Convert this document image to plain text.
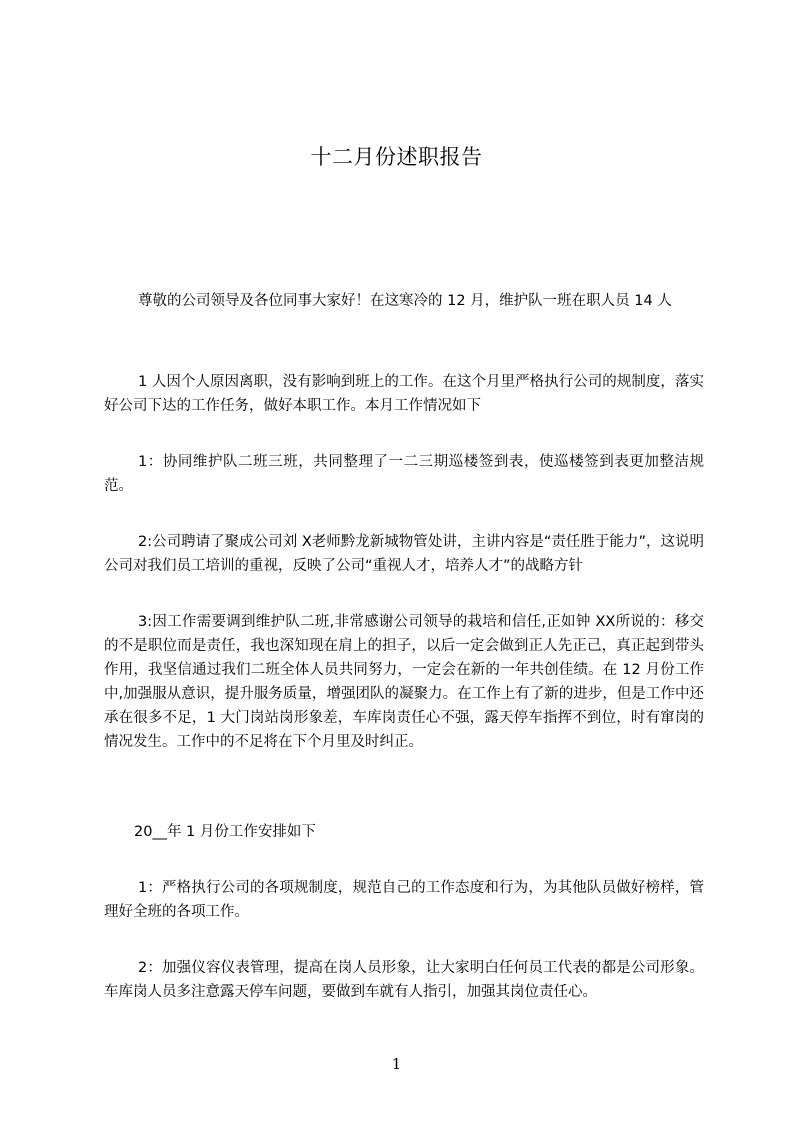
十二月份述职报告

尊敬的公司领导及各位同事大家好！在这寒冷的 12 月，维护队一班在职人员 14 人

1 人因个人原因离职，没有影响到班上的工作。在这个月里严格执行公司的规制度，落实好公司下达的工作任务，做好本职工作。本月工作情况如下

1：协同维护队二班三班，共同整理了一二三期巡楼签到表，使巡楼签到表更加整洁规范。

2:公司聘请了聚成公司刘 X老师黔龙新城物管处讲，主讲内容是“责任胜于能力”，这说明公司对我们员工培训的重视，反映了公司“重视人才，培养人才”的战略方针

3:因工作需要调到维护队二班,非常感谢公司领导的栽培和信任,正如钟 XX所说的：移交的不是职位而是责任，我也深知现在肩上的担子，以后一定会做到正人先正己，真正起到带头作用，我坚信通过我们二班全体人员共同努力，一定会在新的一年共创佳绩。在 12 月份工作中,加强服从意识，提升服务质量，增强团队的凝聚力。在工作上有了新的进步，但是工作中还承在很多不足，1 大门岗站岗形象差，车库岗责任心不强，露天停车指挥不到位，时有窜岗的情况发生。工作中的不足将在下个月里及时纠正。

20__年 1 月份工作安排如下

1：严格执行公司的各项规制度，规范自己的工作态度和行为，为其他队员做好榜样，管理好全班的各项工作。

2：加强仪容仪表管理，提高在岗人员形象，让大家明白任何员工代表的都是公司形象。车库岗人员多注意露天停车问题，要做到车就有人指引，加强其岗位责任心。

1
